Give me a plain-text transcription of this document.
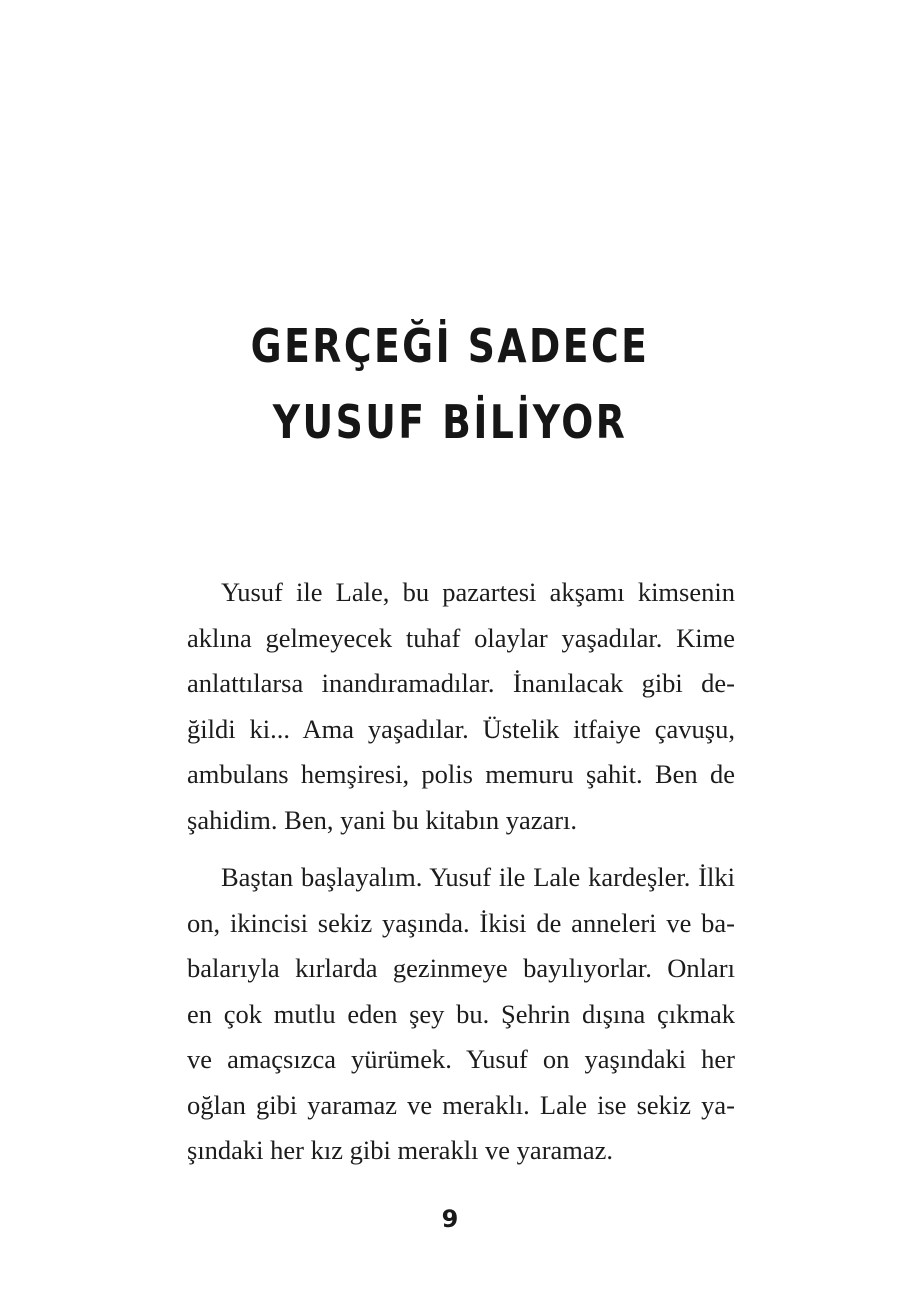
GERÇEĞİ SADECE
YUSUF BİLİYOR
Yusuf ile Lale, bu pazartesi akşamı kimsenin
aklına gelmeyecek tuhaf olaylar yaşadılar. Kime
anlattılarsa inandıramadılar. İnanılacak gibi de-
ğildi ki... Ama yaşadılar. Üstelik itfaiye çavuşu,
ambulans hemşiresi, polis memuru şahit. Ben de
şahidim. Ben, yani bu kitabın yazarı.
Baştan başlayalım. Yusuf ile Lale kardeşler. İlki
on, ikincisi sekiz yaşında. İkisi de anneleri ve ba-
balarıyla kırlarda gezinmeye bayılıyorlar. Onları
en çok mutlu eden şey bu. Şehrin dışına çıkmak
ve amaçsızca yürümek. Yusuf on yaşındaki her
oğlan gibi yaramaz ve meraklı. Lale ise sekiz ya-
şındaki her kız gibi meraklı ve yaramaz.
9
